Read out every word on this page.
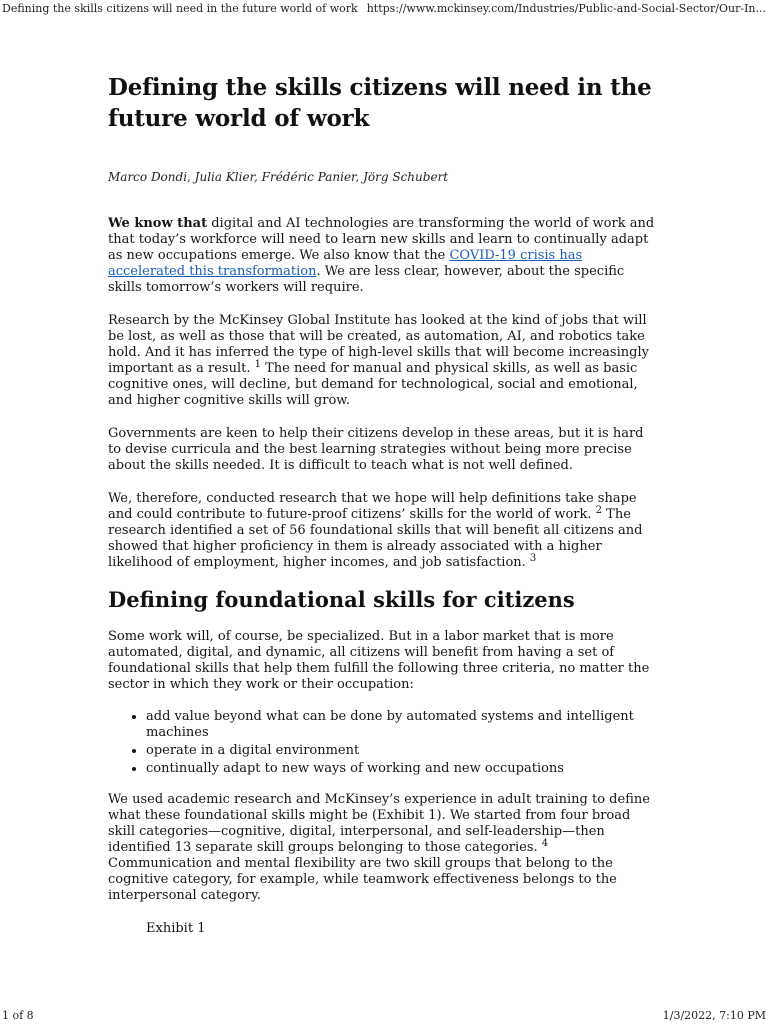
Defining the skills citizens will need in the future world of work https://www.mckinsey.com/Industries/Public-and-Social-Sector/Our-In...
Defining the skills citizens will need in the future world of work
Marco Dondi, Julia Klier, Frédéric Panier, Jörg Schubert

We know that digital and AI technologies are transforming the world of work and that today’s workforce will need to learn new skills and learn to continually adapt as new occupations emerge. We also know that the COVID-19 crisis has accelerated this transformation. We are less clear, however, about the specific skills tomorrow’s workers will require.

Research by the McKinsey Global Institute has looked at the kind of jobs that will be lost, as well as those that will be created, as automation, AI, and robotics take hold. And it has inferred the type of high-level skills that will become increasingly important as a result. $^1$ The need for manual and physical skills, as well as basic cognitive ones, will decline, but demand for technological, social and emotional, and higher cognitive skills will grow.

Governments are keen to help their citizens develop in these areas, but it is hard to devise curricula and the best learning strategies without being more precise about the skills needed. It is difficult to teach what is not well defined.

We, therefore, conducted research that we hope will help definitions take shape and could contribute to future-proof citizens’ skills for the world of work. $^2$ The research identified a set of 56 foundational skills that will benefit all citizens and showed that higher proficiency in them is already associated with a higher likelihood of employment, higher incomes, and job satisfaction. $^3$

Defining foundational skills for citizens

Some work will, of course, be specialized. But in a labor market that is more automated, digital, and dynamic, all citizens will benefit from having a set of foundational skills that help them fulfill the following three criteria, no matter the sector in which they work or their occupation:

• add value beyond what can be done by automated systems and intelligent machines
• operate in a digital environment
• continually adapt to new ways of working and new occupations

We used academic research and McKinsey’s experience in adult training to define what these foundational skills might be (Exhibit 1). We started from four broad skill categories—cognitive, digital, interpersonal, and self-leadership—then identified 13 separate skill groups belonging to those categories. $^4$ Communication and mental flexibility are two skill groups that belong to the cognitive category, for example, while teamwork effectiveness belongs to the interpersonal category.

Exhibit 1
1 of 8	1/3/2022, 7:10 PM
